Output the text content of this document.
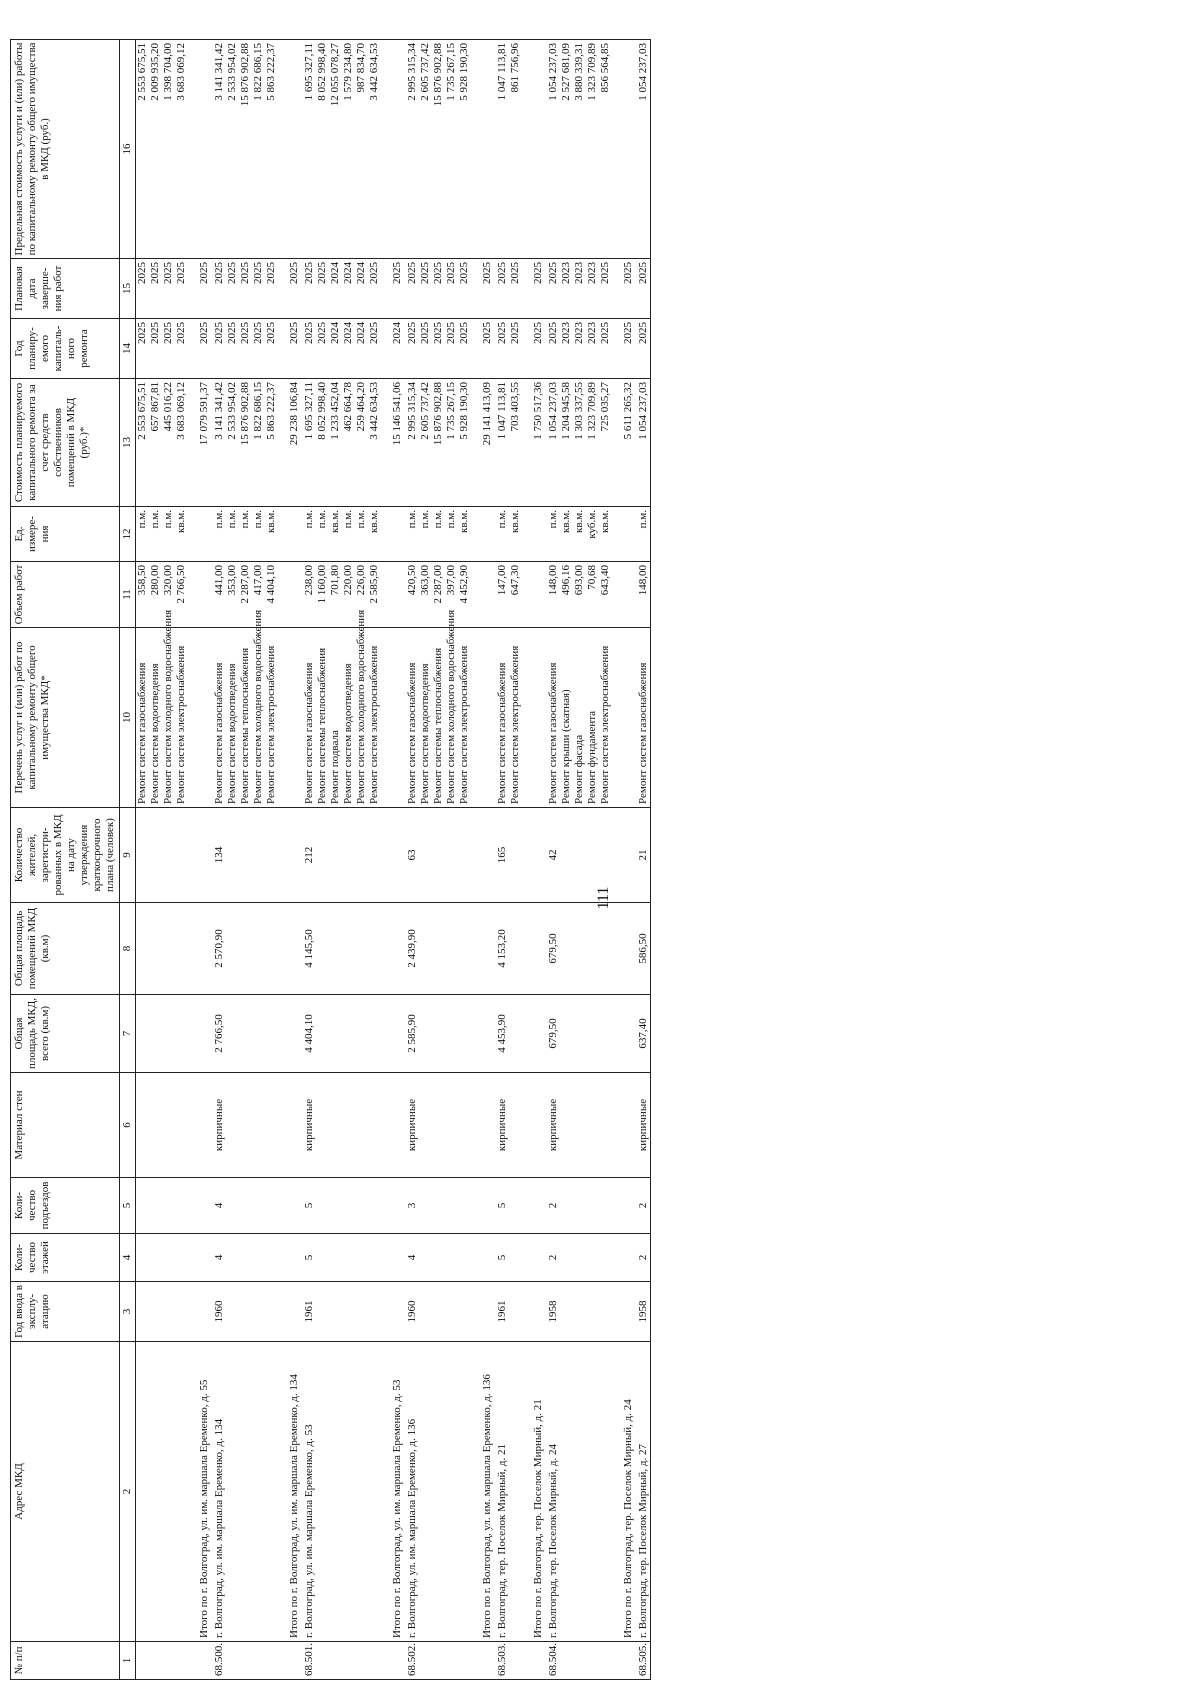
111
№ п/п	Адрес МКД	Год ввода в эксплу-атацию	Коли-чество этажей	Коли-чество подъездов	Материал стен	Общая площадь МКД, всего (кв.м)	Общая площадь помещений МКД (кв.м)	Количество жителей, зарегистри-рованных в МКД на дату утверждения краткосрочного плана (человек)	Перечень услуг и (или) работ по капитальному ремонту общего имущества МКД*	Объем работ	Ед. измере-ния	Стоимость планируемого капитального ремонта за счет средств собственников помещений в МКД (руб.)*	Год планиру-емого капиталь-ного ремонта	Плановая дата заверше-ния работ	Предельная стоимость услуги и (или) работы по капитальному ремонту общего имущества в МКД (руб.)
1	2	3	4	5	6	7	8	9	10	11	12	13	14	15	16
									Ремонт систем газоснабжения	358,50	п.м.	2 553 675,51	2025	2025	2 553 675,51
									Ремонт систем водоотведения	280,00	п.м.	657 867,81	2025	2025	2 009 935,20
									Ремонт систем холодного водоснабжения	320,00	п.м.	445 016,22	2025	2025	1 398 704,00
									Ремонт систем электроснабжения	2 766,50	кв.м.	3 683 069,12	2025	2025	3 683 069,12
	Итого по г. Волгоград, ул. им. маршала Еременко, д. 55											17 079 591,37	2025	2025	
68.500.	г. Волгоград, ул. им. маршала Еременко, д. 134	1960	4	4	кирпичные	2 766,50	2 570,90	134	Ремонт систем газоснабжения	441,00	п.м.	3 141 341,42	2025	2025	3 141 341,42
									Ремонт систем водоотведения	353,00	п.м.	2 533 954,02	2025	2025	2 533 954,02
									Ремонт системы теплоснабжения	2 287,00	п.м.	15 876 902,88	2025	2025	15 876 902,88
									Ремонт систем холодного водоснабжения	417,00	п.м.	1 822 686,15	2025	2025	1 822 686,15
									Ремонт систем электроснабжения	4 404,10	кв.м.	5 863 222,37	2025	2025	5 863 222,37
	Итого по г. Волгоград, ул. им. маршала Еременко, д. 134											29 238 106,84	2025	2025	
68.501.	г. Волгоград, ул. им. маршала Еременко, д. 53	1961	5	5	кирпичные	4 404,10	4 145,50	212	Ремонт систем газоснабжения	238,00	п.м.	1 695 327,11	2025	2025	1 695 327,11
									Ремонт системы теплоснабжения	1 160,00	п.м.	8 052 998,40	2025	2025	8 052 998,40
									Ремонт подвала	701,80	кв.м.	1 233 452,04	2024	2024	12 055 078,27
									Ремонт систем водоотведения	220,00	п.м.	462 664,78	2024	2024	1 579 234,80
									Ремонт систем холодного водоснабжения	226,00	п.м.	259 464,20	2024	2024	987 834,70
									Ремонт систем электроснабжения	2 585,90	кв.м.	3 442 634,53	2025	2025	3 442 634,53
	Итого по г. Волгоград, ул. им. маршала Еременко, д. 53											15 146 541,06	2024	2025	
68.502.	г. Волгоград, ул. им. маршала Еременко, д. 136	1960	4	3	кирпичные	2 585,90	2 439,90	63	Ремонт систем газоснабжения	420,50	п.м.	2 995 315,34	2025	2025	2 995 315,34
									Ремонт систем водоотведения	363,00	п.м.	2 605 737,42	2025	2025	2 605 737,42
									Ремонт системы теплоснабжения	2 287,00	п.м.	15 876 902,88	2025	2025	15 876 902,88
									Ремонт систем холодного водоснабжения	397,00	п.м.	1 735 267,15	2025	2025	1 735 267,15
									Ремонт систем электроснабжения	4 452,90	кв.м.	5 928 190,30	2025	2025	5 928 190,30
	Итого по г. Волгоград, ул. им. маршала Еременко, д. 136											29 141 413,09	2025	2025	
68.503.	г. Волгоград, тер. Поселок Мирный, д. 21	1961	5	5	кирпичные	4 453,90	4 153,20	165	Ремонт систем газоснабжения	147,00	п.м.	1 047 113,81	2025	2025	1 047 113,81
									Ремонт систем электроснабжения	647,30	кв.м.	703 403,55	2025	2025	861 756,96
	Итого по г. Волгоград, тер. Поселок Мирный, д. 21											1 750 517,36	2025	2025	
68.504.	г. Волгоград, тер. Поселок Мирный, д. 24	1958	2	2	кирпичные	679,50	679,50	42	Ремонт систем газоснабжения	148,00	п.м.	1 054 237,03	2025	2025	1 054 237,03
									Ремонт крыши (скатная)	496,16	кв.м.	1 204 945,58	2023	2023	2 527 681,09
									Ремонт фасада	693,00	кв.м.	1 303 337,55	2023	2023	3 880 339,31
									Ремонт фундамента	70,68	куб.м.	1 323 709,89	2023	2023	1 323 709,89
									Ремонт систем электроснабжения	643,40	кв.м.	725 035,27	2025	2025	856 564,85
	Итого по г. Волгоград, тер. Поселок Мирный, д. 24											5 611 265,32	2025	2025	
68.505.	г. Волгоград, тер. Поселок Мирный, д. 27	1958	2	2	кирпичные	637,40	586,50	21	Ремонт систем газоснабжения	148,00	п.м.	1 054 237,03	2025	2025	1 054 237,03
